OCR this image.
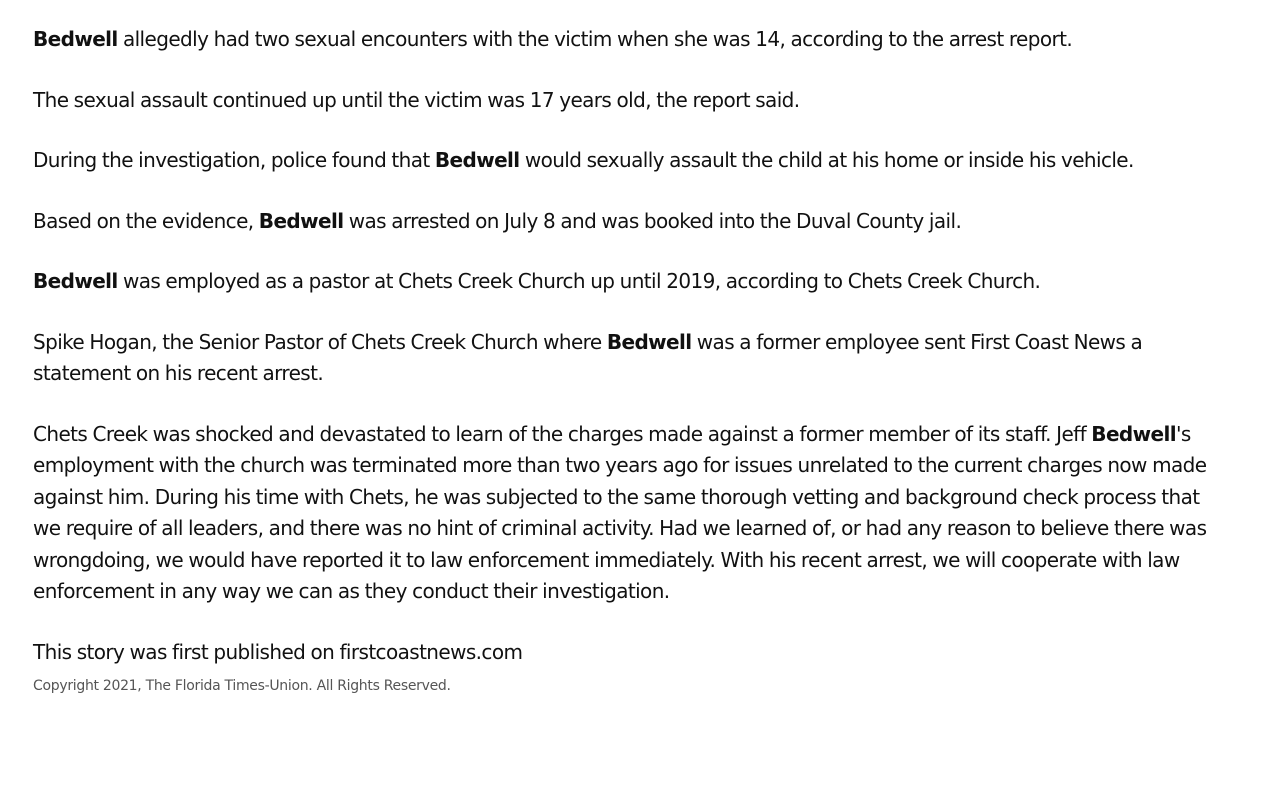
Bedwell allegedly had two sexual encounters with the victim when she was 14, according to the arrest report.

The sexual assault continued up until the victim was 17 years old, the report said.

During the investigation, police found that Bedwell would sexually assault the child at his home or inside his vehicle.

Based on the evidence, Bedwell was arrested on July 8 and was booked into the Duval County jail.

Bedwell was employed as a pastor at Chets Creek Church up until 2019, according to Chets Creek Church.

Spike Hogan, the Senior Pastor of Chets Creek Church where Bedwell was a former employee sent First Coast News a statement on his recent arrest.

Chets Creek was shocked and devastated to learn of the charges made against a former member of its staff. Jeff Bedwell's employment with the church was terminated more than two years ago for issues unrelated to the current charges now made against him. During his time with Chets, he was subjected to the same thorough vetting and background check process that we require of all leaders, and there was no hint of criminal activity. Had we learned of, or had any reason to believe there was wrongdoing, we would have reported it to law enforcement immediately. With his recent arrest, we will cooperate with law enforcement in any way we can as they conduct their investigation.

This story was first published on firstcoastnews.com

Copyright 2021, The Florida Times-Union. All Rights Reserved.
